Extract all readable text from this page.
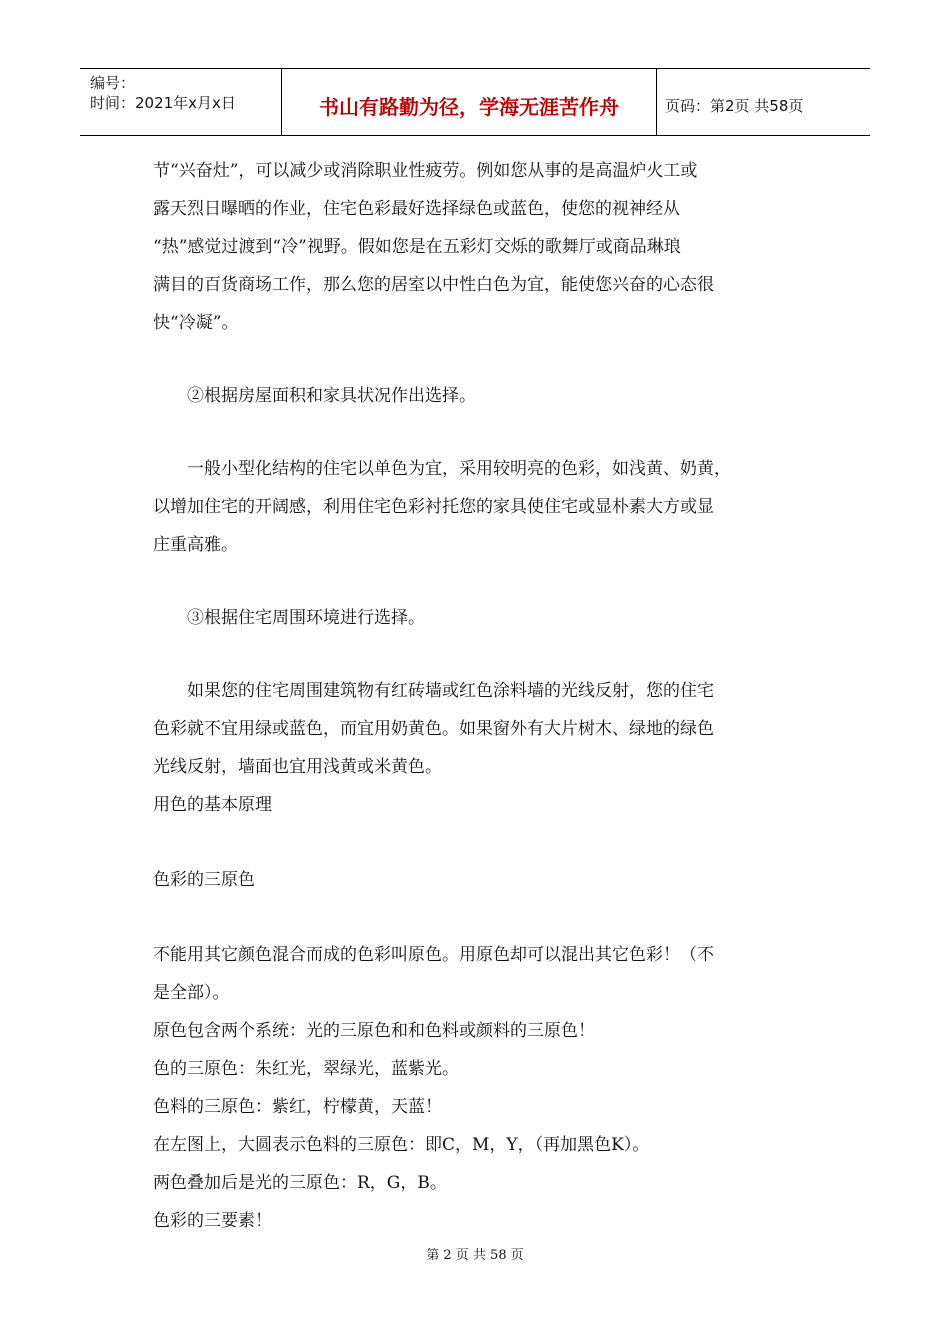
编号：
时间：2021年x月x日	书山有路勤为径，学海无涯苦作舟	页码：第2页 共58页
节“兴奋灶”，可以减少或消除职业性疲劳。例如您从事的是高温炉火工或
露天烈日曝晒的作业，住宅色彩最好选择绿色或蓝色，使您的视神经从
“热”感觉过渡到“冷”视野。假如您是在五彩灯交烁的歌舞厅或商品琳琅
满目的百货商场工作，那么您的居室以中性白色为宜，能使您兴奋的心态很
快“冷凝”。
②根据房屋面积和家具状况作出选择。
一般小型化结构的住宅以单色为宜，采用较明亮的色彩，如浅黄、奶黄，
以增加住宅的开阔感，利用住宅色彩衬托您的家具使住宅或显朴素大方或显
庄重高雅。
③根据住宅周围环境进行选择。
如果您的住宅周围建筑物有红砖墙或红色涂料墙的光线反射，您的住宅
色彩就不宜用绿或蓝色，而宜用奶黄色。如果窗外有大片树木、绿地的绿色
光线反射，墙面也宜用浅黄或米黄色。
用色的基本原理
色彩的三原色
不能用其它颜色混合而成的色彩叫原色。用原色却可以混出其它色彩！（不
是全部）。
原色包含两个系统：光的三原色和和色料或颜料的三原色！
色的三原色：朱红光，翠绿光，蓝紫光。
色料的三原色：紫红，柠檬黄，天蓝！
在左图上，大圆表示色料的三原色：即C，M，Y，（再加黑色K）。
两色叠加后是光的三原色：R，G，B。
色彩的三要素！
第 2 页 共 58 页
